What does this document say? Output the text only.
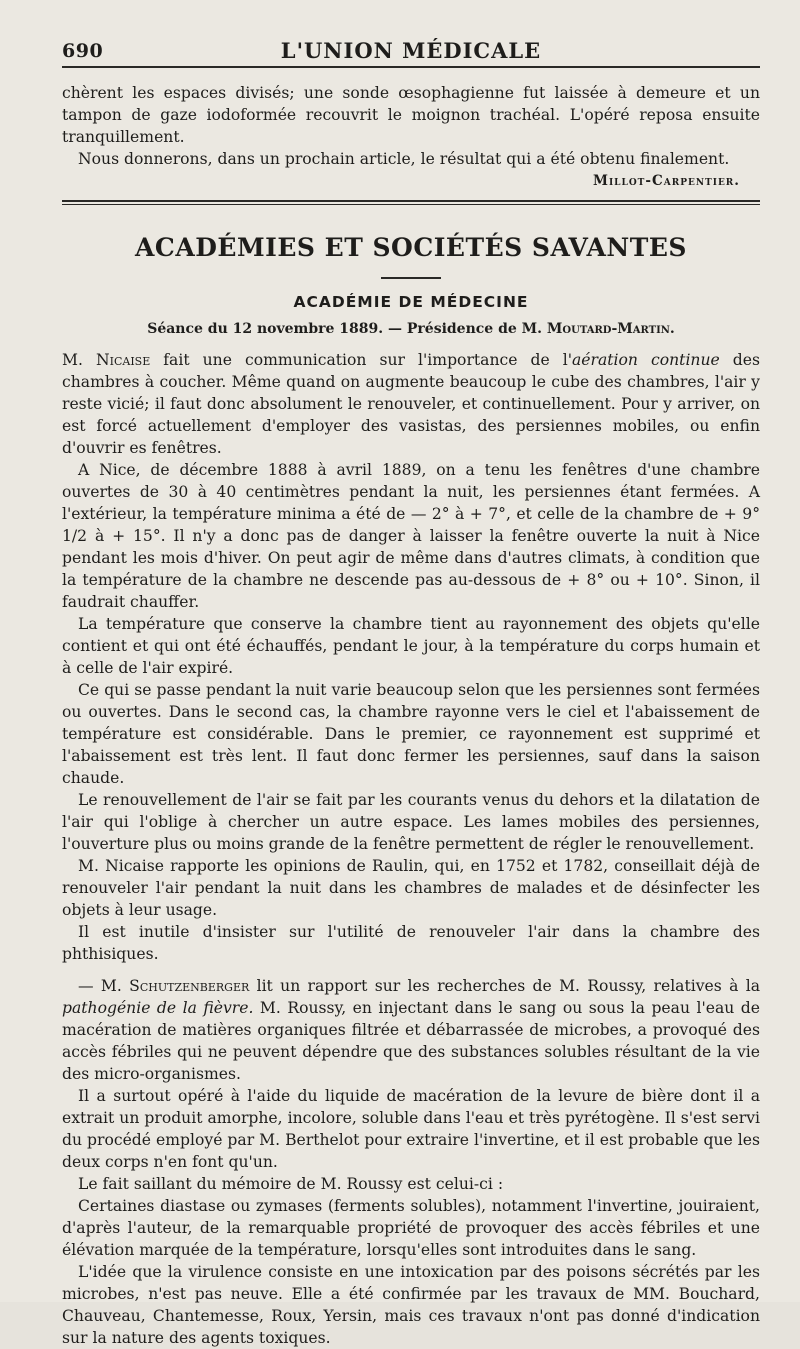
690	L'UNION MÉDICALE

chèrent les espaces divisés; une sonde œsophagienne fut laissée à demeure et un tampon de gaze iodoformée recouvrit le moignon trachéal. L'opéré reposa ensuite tranquillement.

Nous donnerons, dans un prochain article, le résultat qui a été obtenu finalement.

Millot-Carpentier.

ACADÉMIES ET SOCIÉTÉS SAVANTES
ACADÉMIE DE MÉDECINE

Séance du 12 novembre 1889. — Présidence de M. Moutard-Martin.

M. Nicaise fait une communication sur l'importance de l'aération continue des chambres à coucher. Même quand on augmente beaucoup le cube des chambres, l'air y reste vicié; il faut donc absolument le renouveler, et continuellement. Pour y arriver, on est forcé actuellement d'employer des vasistas, des persiennes mobiles, ou enfin d'ouvrir es fenêtres.

A Nice, de décembre 1888 à avril 1889, on a tenu les fenêtres d'une chambre ouvertes de 30 à 40 centimètres pendant la nuit, les persiennes étant fermées. A l'extérieur, la température minima a été de — 2° à + 7°, et celle de la chambre de + 9° 1/2 à + 15°. Il n'y a donc pas de danger à laisser la fenêtre ouverte la nuit à Nice pendant les mois d'hiver. On peut agir de même dans d'autres climats, à condition que la température de la chambre ne descende pas au-dessous de + 8° ou + 10°. Sinon, il faudrait chauffer.

La température que conserve la chambre tient au rayonnement des objets qu'elle contient et qui ont été échauffés, pendant le jour, à la température du corps humain et à celle de l'air expiré.

Ce qui se passe pendant la nuit varie beaucoup selon que les persiennes sont fermées ou ouvertes. Dans le second cas, la chambre rayonne vers le ciel et l'abaissement de température est considérable. Dans le premier, ce rayonnement est supprimé et l'abaissement est très lent. Il faut donc fermer les persiennes, sauf dans la saison chaude.

Le renouvellement de l'air se fait par les courants venus du dehors et la dilatation de l'air qui l'oblige à chercher un autre espace. Les lames mobiles des persiennes, l'ouverture plus ou moins grande de la fenêtre permettent de régler le renouvellement.

M. Nicaise rapporte les opinions de Raulin, qui, en 1752 et 1782, conseillait déjà de renouveler l'air pendant la nuit dans les chambres de malades et de désinfecter les objets à leur usage.

Il est inutile d'insister sur l'utilité de renouveler l'air dans la chambre des phthisiques.

— M. Schutzenberger lit un rapport sur les recherches de M. Roussy, relatives à la pathogénie de la fièvre. M. Roussy, en injectant dans le sang ou sous la peau l'eau de macération de matières organiques filtrée et débarrassée de microbes, a provoqué des accès fébriles qui ne peuvent dépendre que des substances solubles résultant de la vie des micro-organismes.

Il a surtout opéré à l'aide du liquide de macération de la levure de bière dont il a extrait un produit amorphe, incolore, soluble dans l'eau et très pyrétogène. Il s'est servi du procédé employé par M. Berthelot pour extraire l'invertine, et il est probable que les deux corps n'en font qu'un.

Le fait saillant du mémoire de M. Roussy est celui-ci :

Certaines diastase ou zymases (ferments solubles), notamment l'invertine, jouiraient, d'après l'auteur, de la remarquable propriété de provoquer des accès fébriles et une élévation marquée de la température, lorsqu'elles sont introduites dans le sang.

L'idée que la virulence consiste en une intoxication par des poisons sécrétés par les microbes, n'est pas neuve. Elle a été confirmée par les travaux de MM. Bouchard, Chauveau, Chantemesse, Roux, Yersin, mais ces travaux n'ont pas donné d'indication sur la nature des agents toxiques.
